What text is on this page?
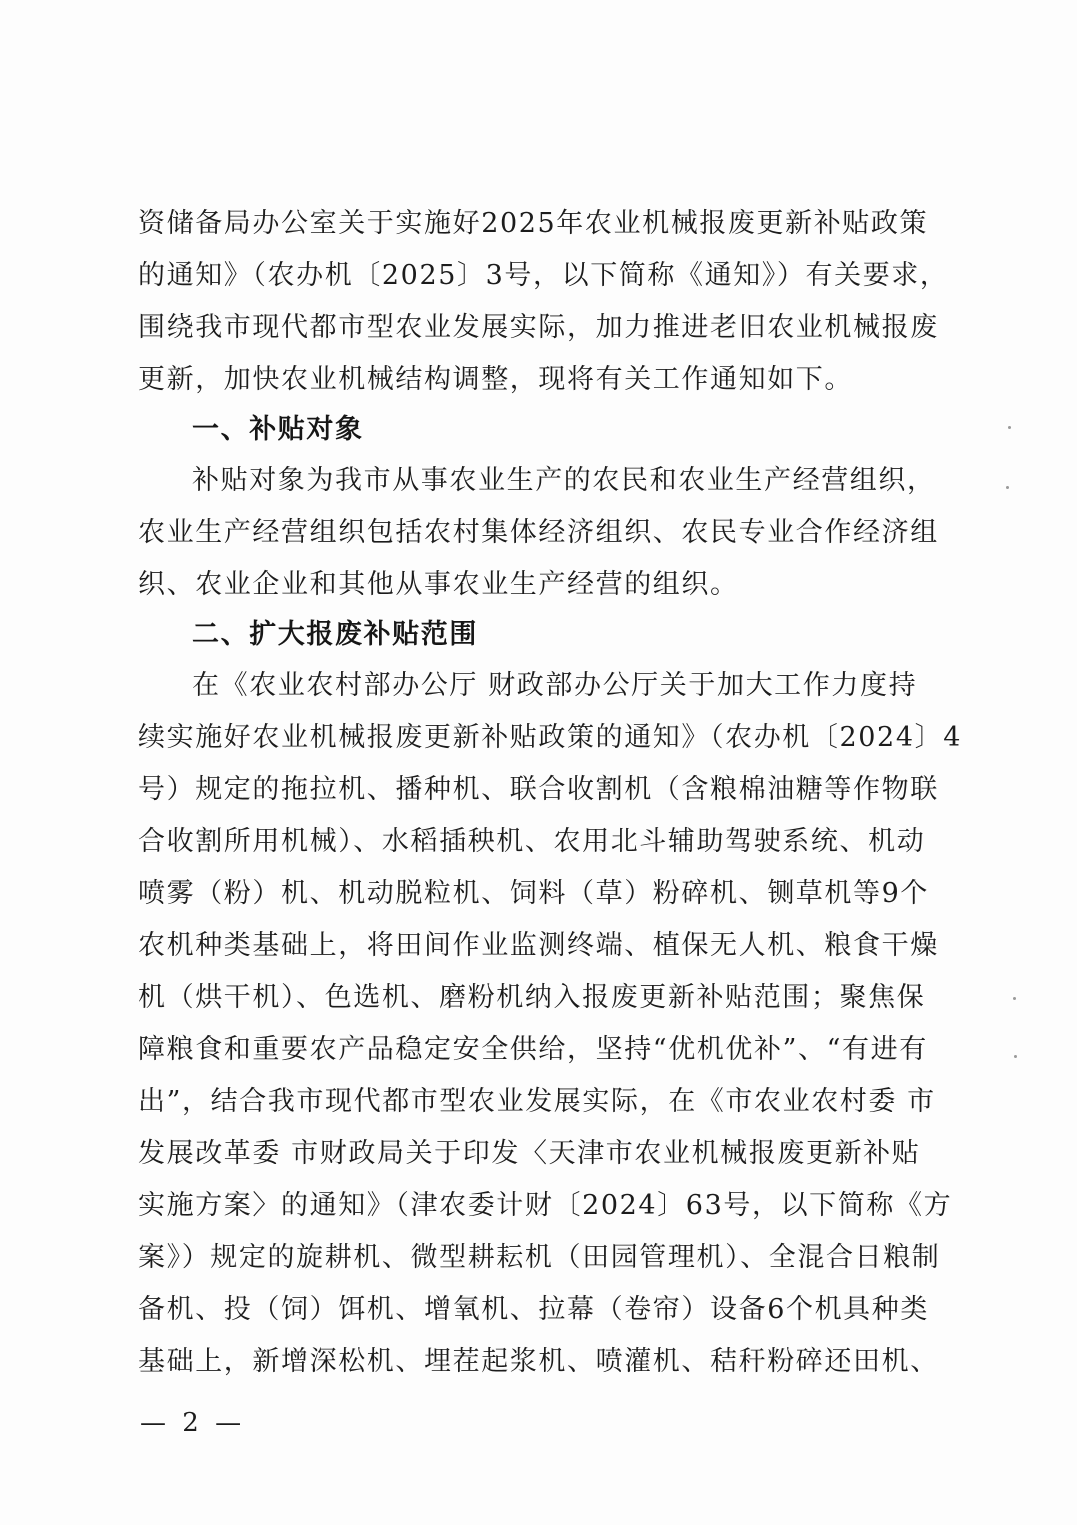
资储备局办公室关于实施好2025年农业机械报废更新补贴政策
的通知》（农办机〔2025〕3号，以下简称《通知》）有关要求，
围绕我市现代都市型农业发展实际，加力推进老旧农业机械报废
更新，加快农业机械结构调整，现将有关工作通知如下。
一、补贴对象
补贴对象为我市从事农业生产的农民和农业生产经营组织，
农业生产经营组织包括农村集体经济组织、农民专业合作经济组
织、农业企业和其他从事农业生产经营的组织。
二、扩大报废补贴范围
在《农业农村部办公厅 财政部办公厅关于加大工作力度持
续实施好农业机械报废更新补贴政策的通知》（农办机〔2024〕4
号）规定的拖拉机、播种机、联合收割机（含粮棉油糖等作物联
合收割所用机械）、水稻插秧机、农用北斗辅助驾驶系统、机动
喷雾（粉）机、机动脱粒机、饲料（草）粉碎机、铡草机等9个
农机种类基础上，将田间作业监测终端、植保无人机、粮食干燥
机（烘干机）、色选机、磨粉机纳入报废更新补贴范围；聚焦保
障粮食和重要农产品稳定安全供给，坚持“优机优补”、“有进有
出”，结合我市现代都市型农业发展实际，在《市农业农村委 市
发展改革委 市财政局关于印发〈天津市农业机械报废更新补贴
实施方案〉的通知》（津农委计财〔2024〕63号，以下简称《方
案》）规定的旋耕机、微型耕耘机（田园管理机）、全混合日粮制
备机、投（饲）饵机、增氧机、拉幕（卷帘）设备6个机具种类
基础上，新增深松机、埋茬起浆机、喷灌机、秸秆粉碎还田机、
— 2 —
